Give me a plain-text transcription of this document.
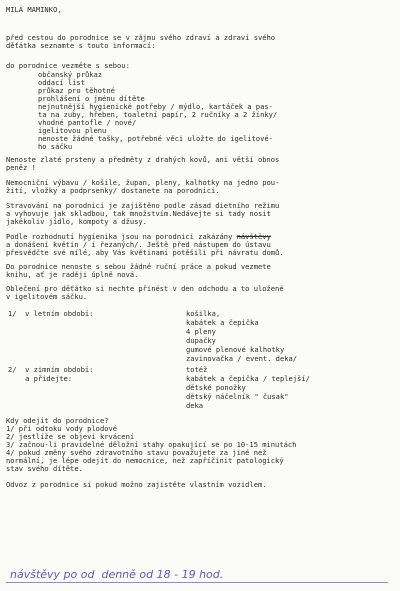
MILÁ MAMINKO,
před cestou do porodnice se v zájmu svého zdraví a zdraví svého
děťátka seznamte s touto informací:
do porodnice vezměte s sebou:
občanský průkaz
oddací list
průkaz pro těhotné
prohlášení o jménu dítěte
nejnutnější hygienické potřeby / mýdlo, kartáček a pas-
ta na zuby, hřeben, toaletní papír, 2 ručníky a 2 žínky/
vhodné pantofle / nové/
igelitovou plenu
nenoste žádné tašky, potřebné věci uložte do igelitové-
ho sáčku
Nenoste zlaté prsteny a předměty z drahých kovů, ani větší obnos
peněz !
Nemocniční výbavu / košile, župan, pleny, kalhotky na jedno pou-
žití, vložky a podprsenky/ dostanete na porodnici.
Stravování na porodnici je zajištěno podle zásad dietního režimu
a vyhovuje jak skladbou, tak množstvím.Nedávejte si tady nosit
jakékoliv jídlo, kompoty a džusy.
Podle rozhodnutí hygienika jsou na porodnici zakázány návštěvy
a donášení květin / i řezaných/. Ještě před nástupem do ústavu
přesvědčte své mílé, aby Vás květinami potěšili při návratu domů.
Do porodnice nenoste s sebou žádné ruční práce a pokud vezmete
knihu, ať je raději úplně nová.
Oblečení pro děťátko si nechte přinést v den odchodu a to uložené
v igelitovém sáčku.
1/  v letním období:	košilka,
kabátek a čepička
4 pleny
dupačky
gumové plenové kalhotky
zavinovačka / event. deka/
2/  v zimním období:
a přidejte:
totéž
kabátek a čepička / teplejší/
dětské ponožky
dětský náčelník " čusak"
deka
Kdy odejít do porodnice?
1/ při odtoku vody plodové
2/ jestliže se objeví krvácení
3/ začnou-li pravidelné děložní stahy opakující se po 10-15 minutách
4/ pokud změny svého zdravotního stavu považujete za jiné než
normální, je lépe odejít do nemocnice, než zapříčinit patologický
stav svého dítěte.
Odvoz z porodnice si pokud možno zajistěte vlastním vozidlem.
návštěvy po od  denně od 18 - 19 hod.
